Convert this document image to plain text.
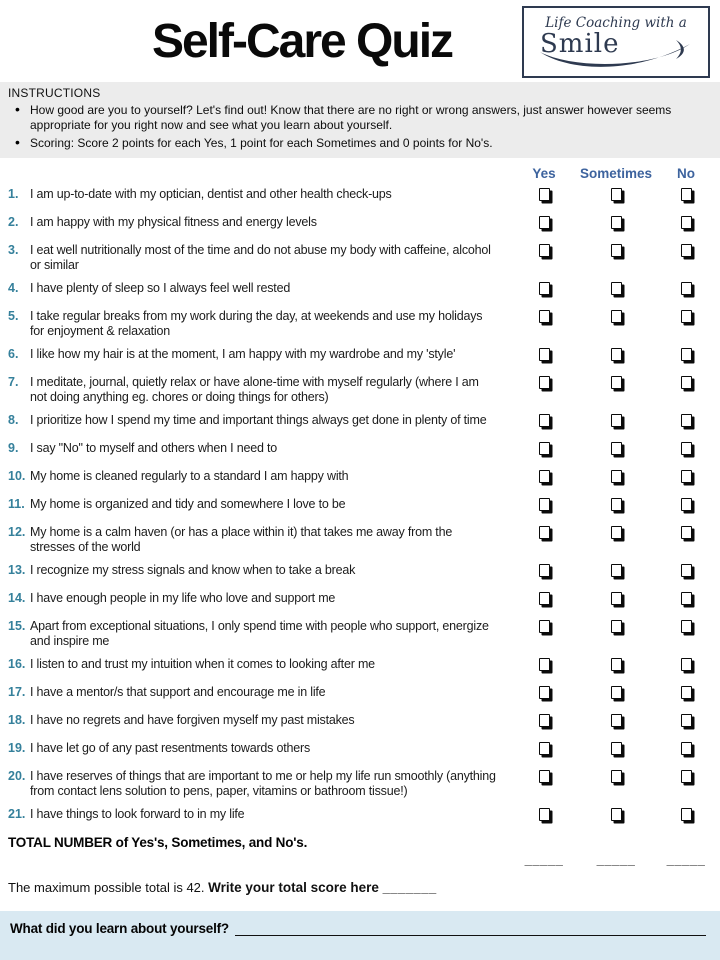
Self-Care Quiz	Life Coaching with a
Smile
INSTRUCTIONS
• How good are you to yourself? Let's find out! Know that there are no right or wrong answers, just answer however seems appropriate for you right now and see what you learn about yourself.
• Scoring: Score 2 points for each Yes, 1 point for each Sometimes and 0 points for No's.
Yes	Sometimes	No
1. I am up-to-date with my optician, dentist and other health check-ups
2. I am happy with my physical fitness and energy levels
3. I eat well nutritionally most of the time and do not abuse my body with caffeine, alcohol or similar
4. I have plenty of sleep so I always feel well rested
5. I take regular breaks from my work during the day, at weekends and use my holidays for enjoyment & relaxation
6. I like how my hair is at the moment, I am happy with my wardrobe and my 'style'
7. I meditate, journal, quietly relax or have alone-time with myself regularly (where I am not doing anything eg. chores or doing things for others)
8. I prioritize how I spend my time and important things always get done in plenty of time
9. I say "No" to myself and others when I need to
10. My home is cleaned regularly to a standard I am happy with
11. My home is organized and tidy and somewhere I love to be
12. My home is a calm haven (or has a place within it) that takes me away from the stresses of the world
13. I recognize my stress signals and know when to take a break
14. I have enough people in my life who love and support me
15. Apart from exceptional situations, I only spend time with people who support, energize and inspire me
16. I listen to and trust my intuition when it comes to looking after me
17. I have a mentor/s that support and encourage me in life
18. I have no regrets and have forgiven myself my past mistakes
19. I have let go of any past resentments towards others
20. I have reserves of things that are important to me or help my life run smoothly (anything from contact lens solution to pens, paper, vitamins or bathroom tissue!)
21. I have things to look forward to in my life
TOTAL NUMBER of Yes's, Sometimes, and No's.
_____	_____	_____
The maximum possible total is 42. Write your total score here _______
What did you learn about yourself?
